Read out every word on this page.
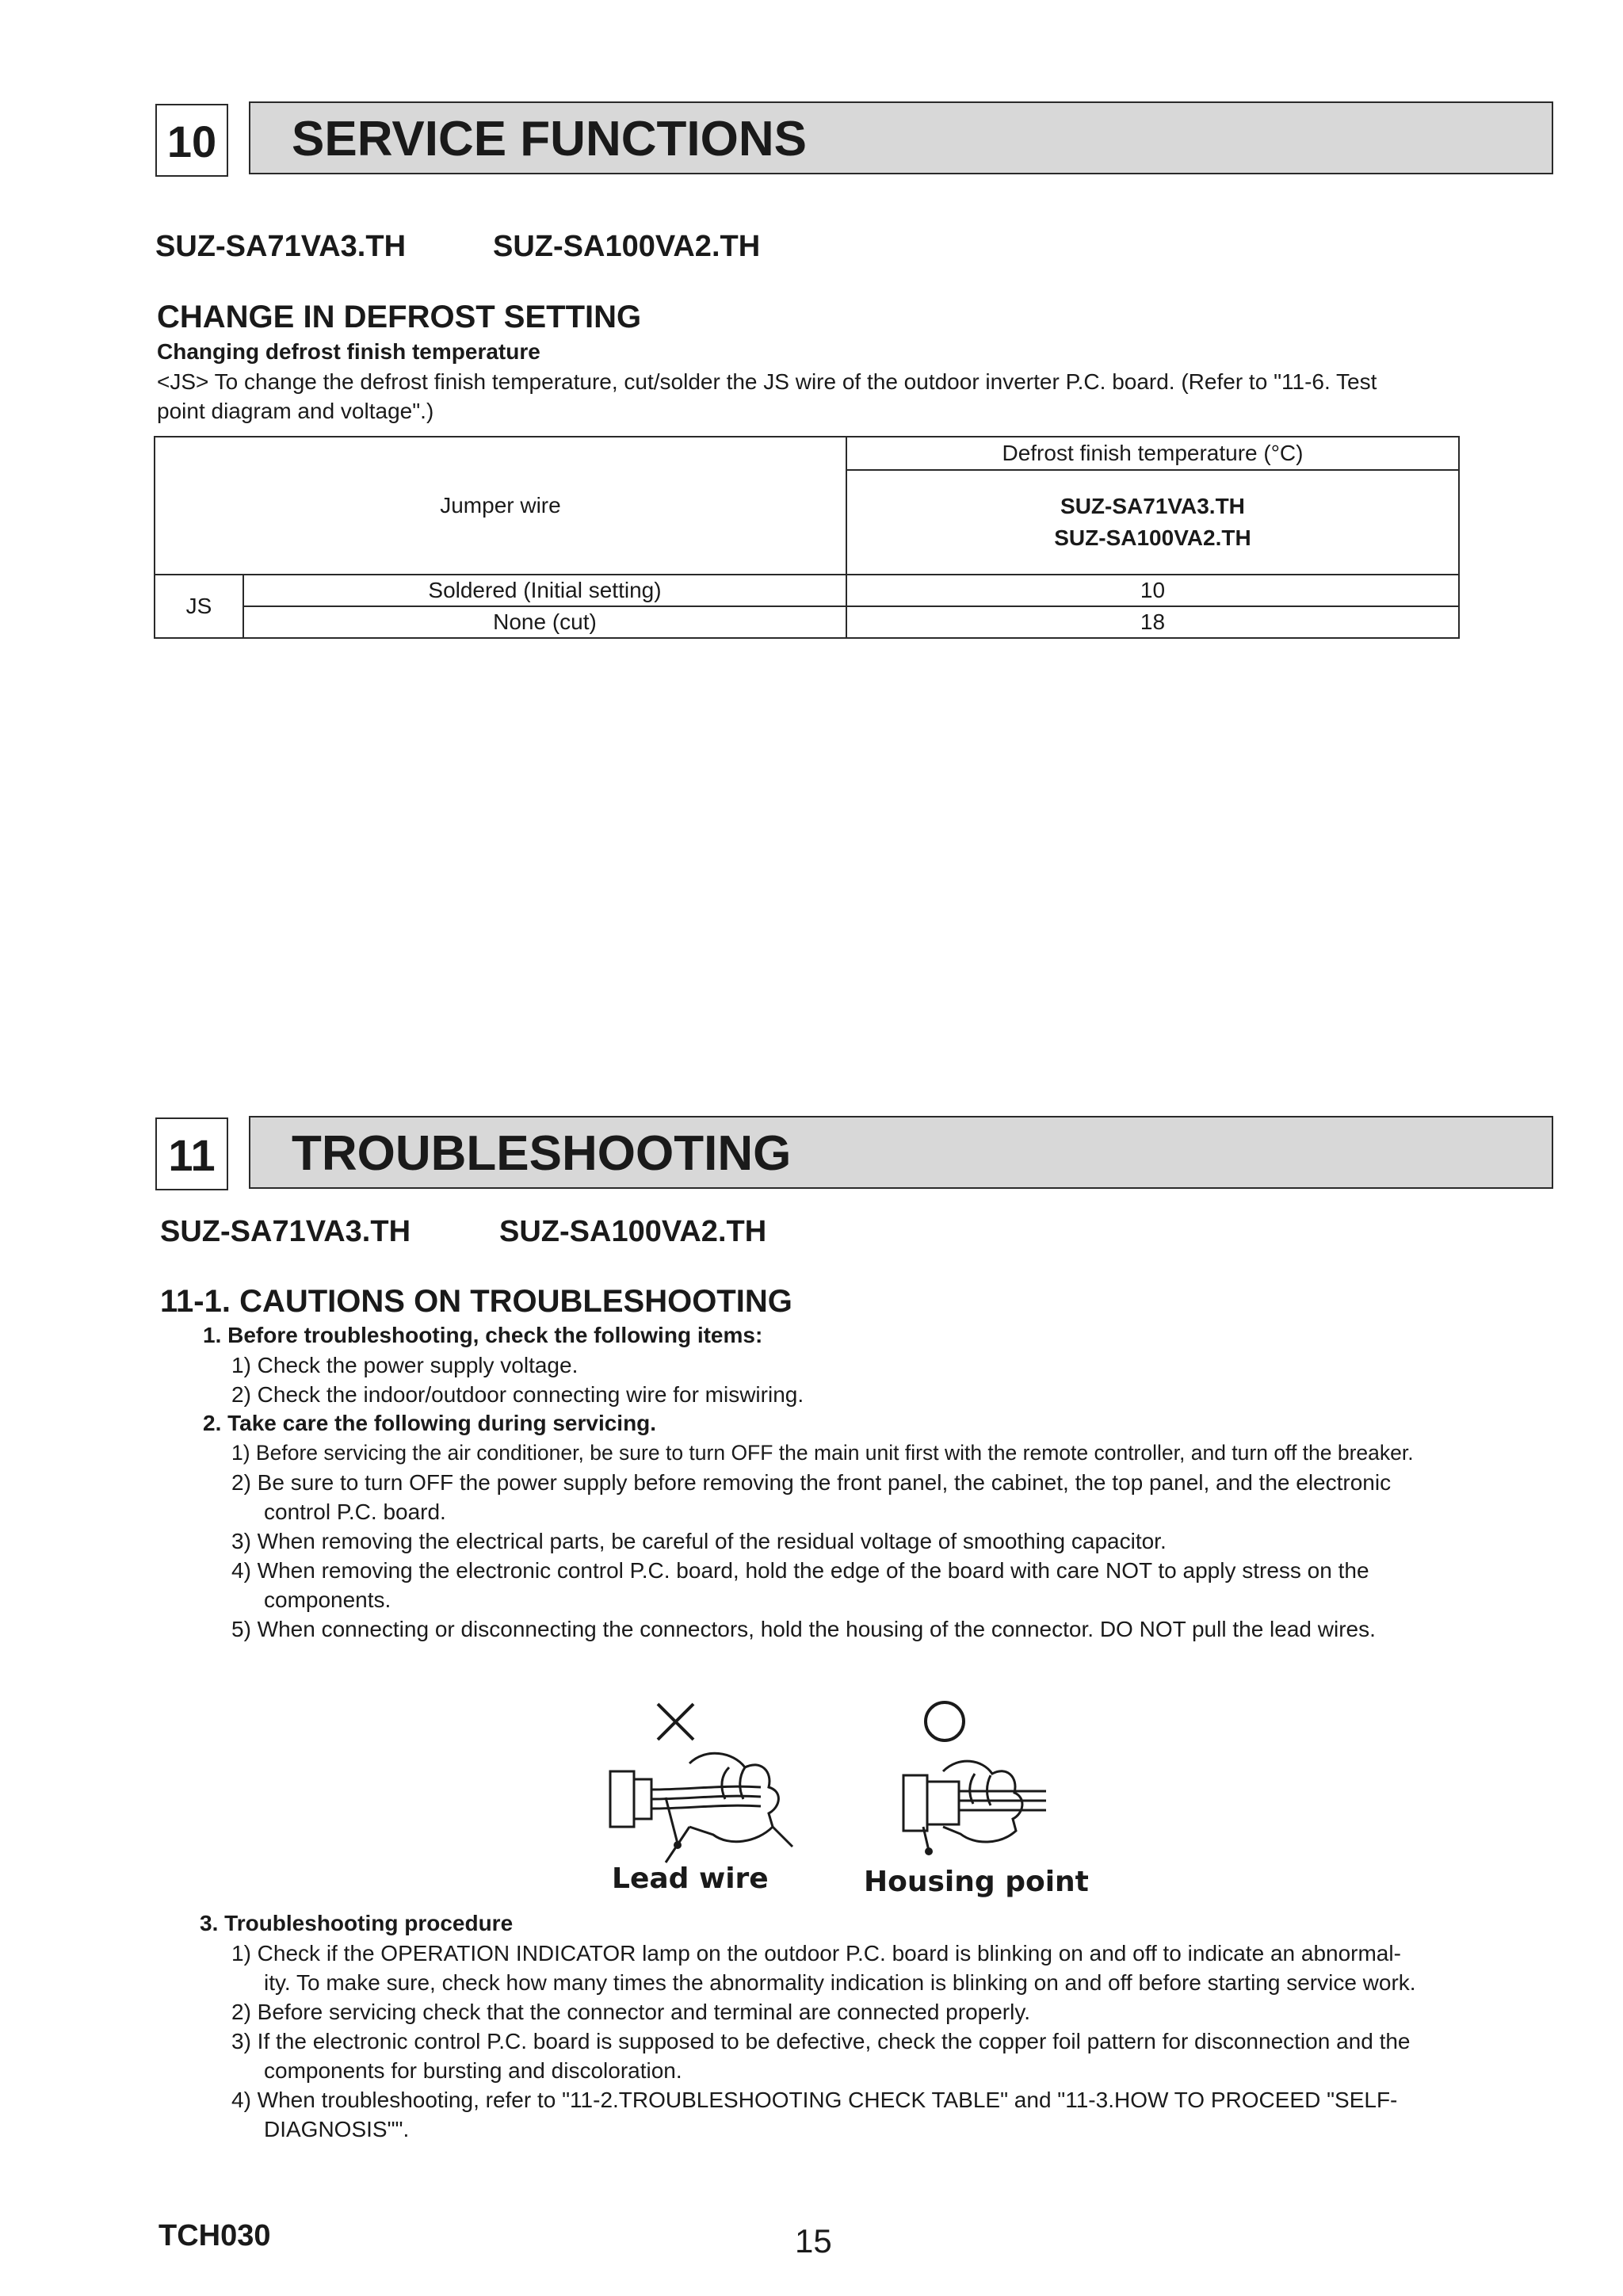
10	SERVICE FUNCTIONS
SUZ-SA71VA3.TH	SUZ-SA100VA2.TH
CHANGE IN DEFROST SETTING
Changing defrost finish temperature
<JS> To change the defrost finish temperature, cut/solder the JS wire of the outdoor inverter P.C. board. (Refer to "11-6. Test
point diagram and voltage".)
Jumper wire		Defrost finish temperature (°C)

		SUZ-SA71VA3.TH
SUZ-SA100VA2.TH

JS	Soldered (Initial setting)	10
	None (cut)	18
11	TROUBLESHOOTING
SUZ-SA71VA3.TH	SUZ-SA100VA2.TH
11-1. CAUTIONS ON TROUBLESHOOTING
1. Before troubleshooting, check the following items:
1) Check the power supply voltage.
2) Check the indoor/outdoor connecting wire for miswiring.
2. Take care the following during servicing.
1) Before servicing the air conditioner, be sure to turn OFF the main unit first with the remote controller, and turn off the breaker.
2) Be sure to turn OFF the power supply before removing the front panel, the cabinet, the top panel, and the electronic
control P.C. board.
3) When removing the electrical parts, be careful of the residual voltage of smoothing capacitor.
4) When removing the electronic control P.C. board, hold the edge of the board with care NOT to apply stress on the
components.
5) When connecting or disconnecting the connectors, hold the housing of the connector. DO NOT pull the lead wires.
Lead wire	Housing point
3. Troubleshooting procedure
1) Check if the OPERATION INDICATOR lamp on the outdoor P.C. board is blinking on and off to indicate an abnormal-
ity. To make sure, check how many times the abnormality indication is blinking on and off before starting service work.
2) Before servicing check that the connector and terminal are connected properly.
3) If the electronic control P.C. board is supposed to be defective, check the copper foil pattern for disconnection and the
components for bursting and discoloration.
4) When troubleshooting, refer to "11-2.TROUBLESHOOTING CHECK TABLE" and "11-3.HOW TO PROCEED "SELF-
DIAGNOSIS"".
TCH030	15
